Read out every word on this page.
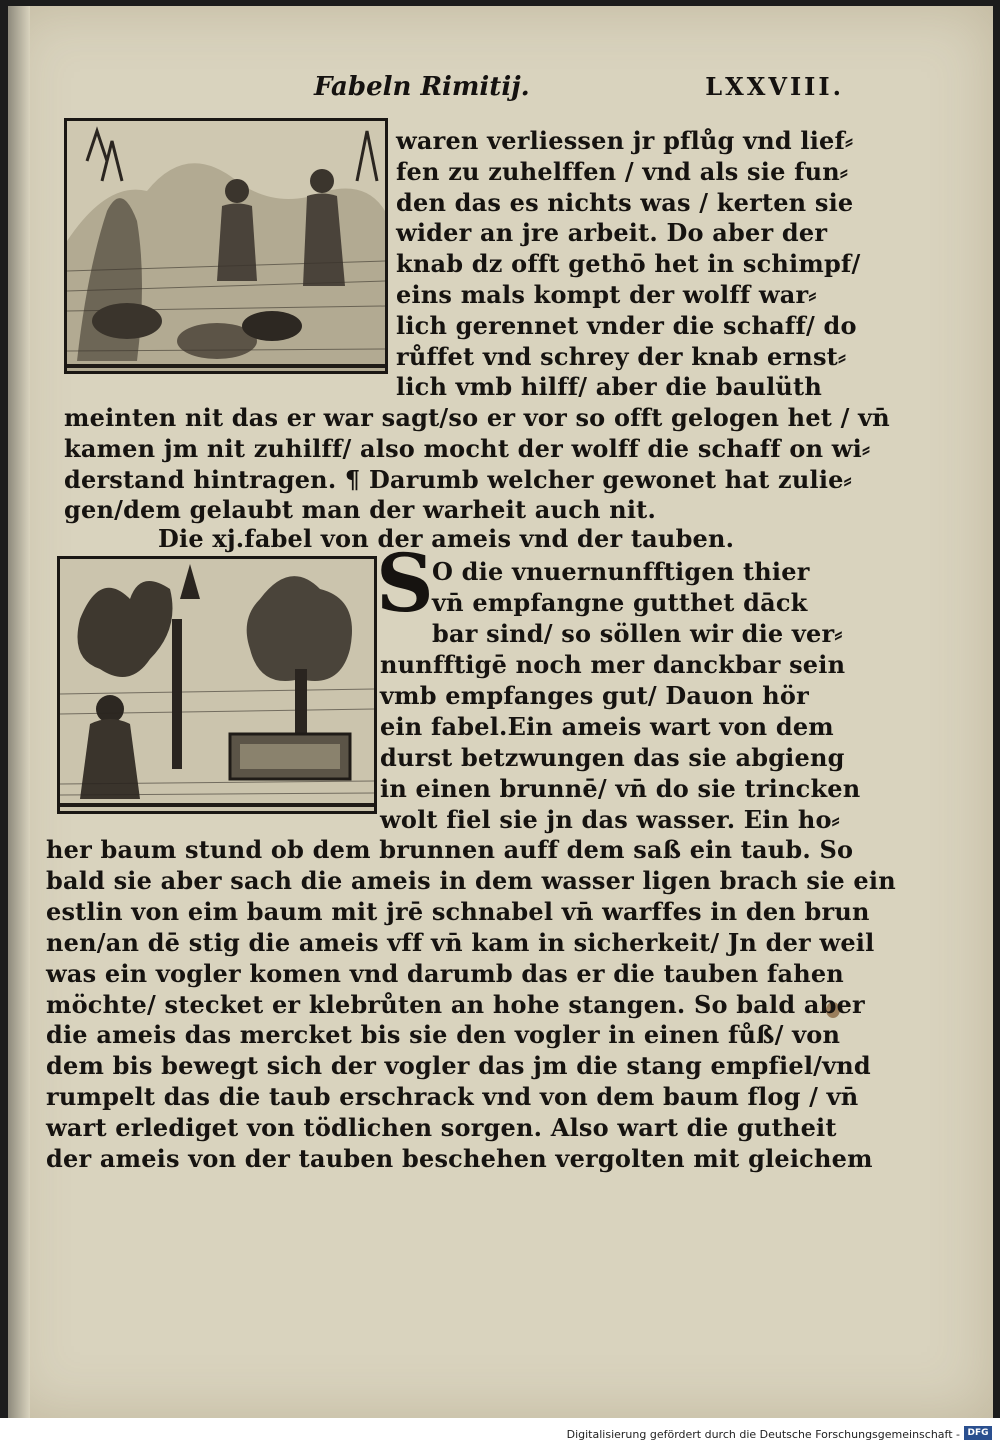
Fabeln Rimitij.	LXXVIII.
waren verliessen jr pflůg vnd lief⸗
fen zu zuhelffen / vnd als sie fun⸗
den das es nichts was / kerten sie
wider an jre arbeit. Do aber der
knab dz offt gethō het in schimpf/
eins mals kompt der wolff war⸗
lich gerennet vnder die schaff/ do
růffet vnd schrey der knab ernst⸗
lich vmb hilff/ aber die baulüth
meinten nit das er war sagt/so er vor so offt gelogen het / vn̄
kamen jm nit zuhilff/ also mocht der wolff die schaff on wi⸗
derstand hintragen. ¶ Darumb welcher gewonet hat zulie⸗
gen/dem gelaubt man der warheit auch nit.
Die xj.fabel von der ameis vnd der tauben.
S
O die vnuernunfftigen thier
vn̄ empfangne gutthet dāck
bar sind/ so söllen wir die ver⸗
nunfftigē noch mer danckbar sein
vmb empfanges gut/ Dauon hör
ein fabel.Ein ameis wart von dem
durst betzwungen das sie abgieng
in einen brunnē/ vn̄ do sie trincken
wolt fiel sie jn das wasser. Ein ho⸗
her baum stund ob dem brunnen auff dem saß ein taub. So
bald sie aber sach die ameis in dem wasser ligen brach sie ein
estlin von eim baum mit jrē schnabel vn̄ warffes in den brun
nen/an dē stig die ameis vff vn̄ kam in sicherkeit/ Jn der weil
was ein vogler komen vnd darumb das er die tauben fahen
möchte/ stecket er klebrůten an hohe stangen. So bald aber
die ameis das mercket bis sie den vogler in einen fůß/ von
dem bis bewegt sich der vogler das jm die stang empfiel/vnd
rumpelt das die taub erschrack vnd von dem baum flog / vn̄
wart erlediget von tödlichen sorgen. Also wart die gutheit
der ameis von der tauben beschehen vergolten mit gleichem
Digitalisierung gefördert durch die Deutsche Forschungsgemeinschaft - DFG
